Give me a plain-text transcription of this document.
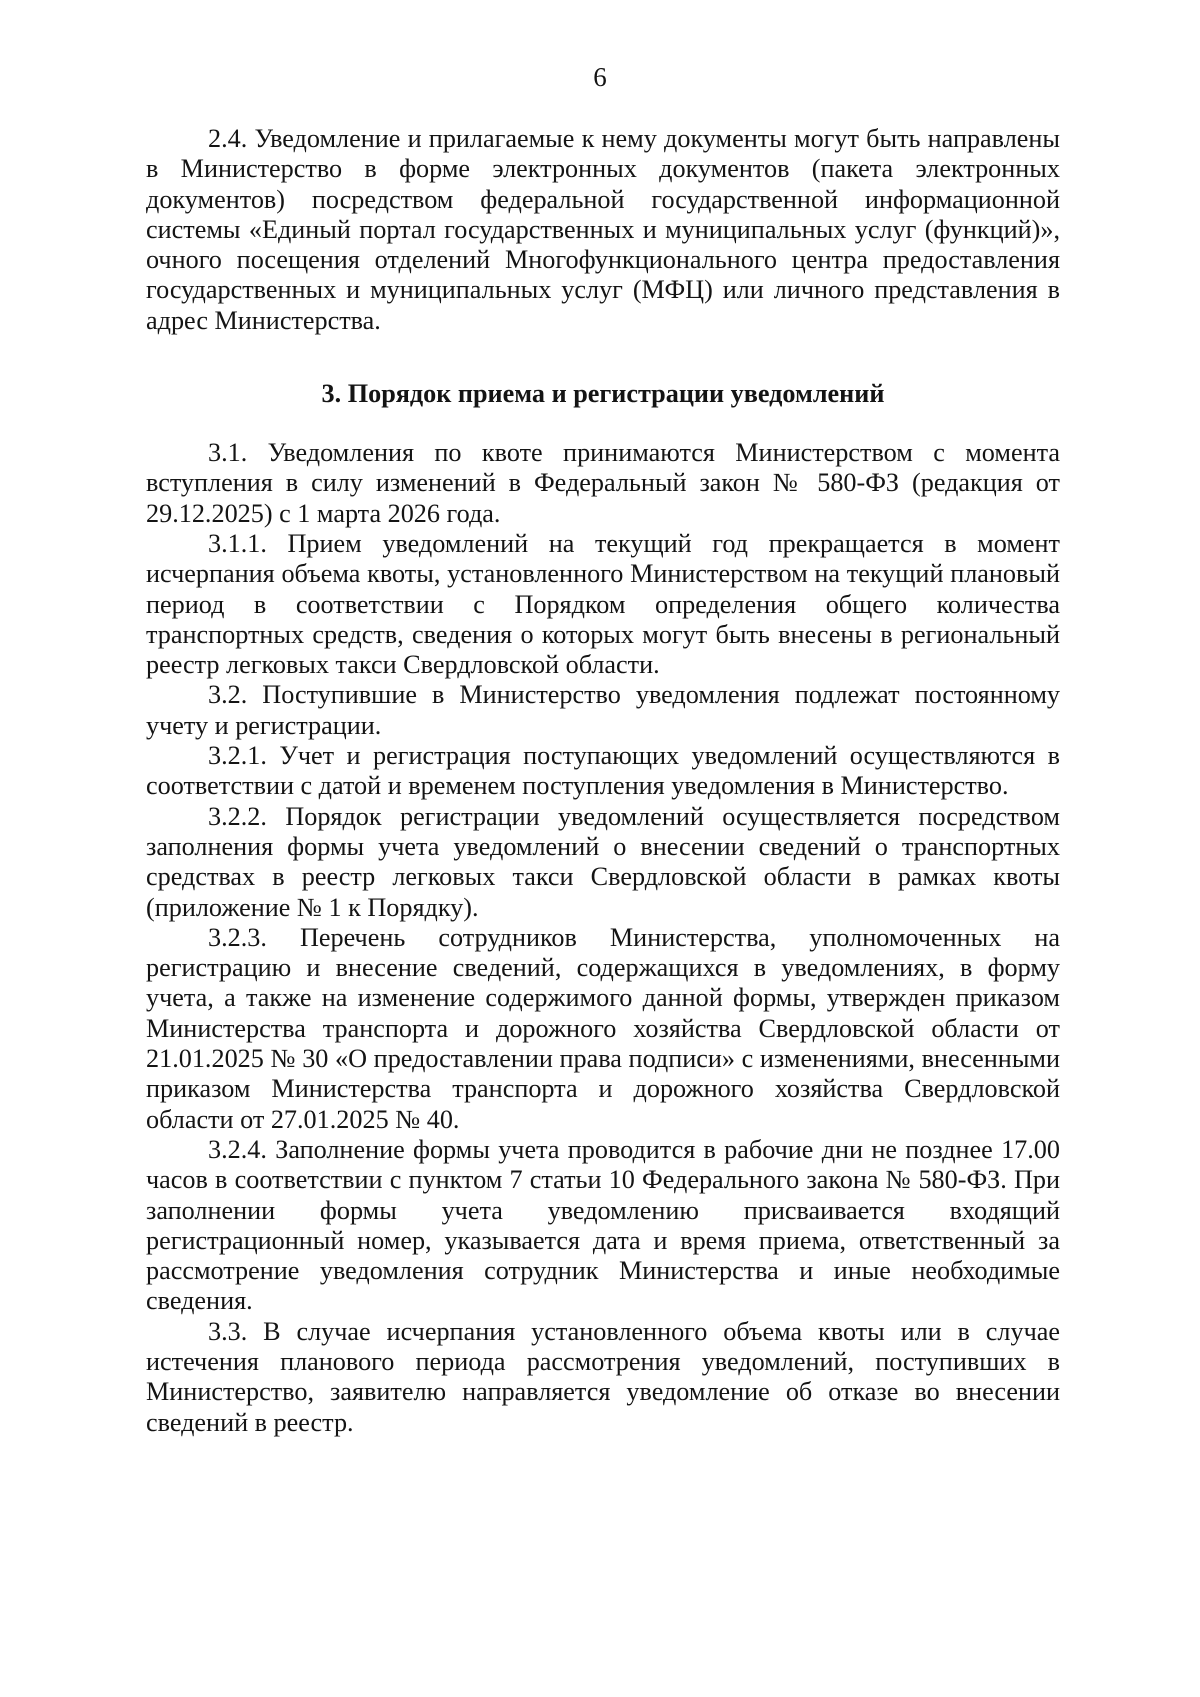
6

2.4. Уведомление и прилагаемые к нему документы могут быть направлены в Министерство в форме электронных документов (пакета электронных документов) посредством федеральной государственной информационной системы «Единый портал государственных и муниципальных услуг (функций)», очного посещения отделений Многофункционального центра предоставления государственных и муниципальных услуг (МФЦ) или личного представления в адрес Министерства.

3. Порядок приема и регистрации уведомлений

3.1. Уведомления по квоте принимаются Министерством с момента вступления в силу изменений в Федеральный закон № 580-ФЗ (редакция от 29.12.2025) с 1 марта 2026 года.

3.1.1. Прием уведомлений на текущий год прекращается в момент исчерпания объема квоты, установленного Министерством на текущий плановый период в соответствии с Порядком определения общего количества транспортных средств, сведения о которых могут быть внесены в региональный реестр легковых такси Свердловской области.

3.2. Поступившие в Министерство уведомления подлежат постоянному учету и регистрации.

3.2.1. Учет и регистрация поступающих уведомлений осуществляются в соответствии с датой и временем поступления уведомления в Министерство.

3.2.2. Порядок регистрации уведомлений осуществляется посредством заполнения формы учета уведомлений о внесении сведений о транспортных средствах в реестр легковых такси Свердловской области в рамках квоты (приложение № 1 к Порядку).

3.2.3. Перечень сотрудников Министерства, уполномоченных на регистрацию и внесение сведений, содержащихся в уведомлениях, в форму учета, а также на изменение содержимого данной формы, утвержден приказом Министерства транспорта и дорожного хозяйства Свердловской области от 21.01.2025 № 30 «О предоставлении права подписи» с изменениями, внесенными приказом Министерства транспорта и дорожного хозяйства Свердловской области от 27.01.2025 № 40.

3.2.4. Заполнение формы учета проводится в рабочие дни не позднее 17.00 часов в соответствии с пунктом 7 статьи 10 Федерального закона № 580-ФЗ. При заполнении формы учета уведомлению присваивается входящий регистрационный номер, указывается дата и время приема, ответственный за рассмотрение уведомления сотрудник Министерства и иные необходимые сведения.

3.3. В случае исчерпания установленного объема квоты или в случае истечения планового периода рассмотрения уведомлений, поступивших в Министерство, заявителю направляется уведомление об отказе во внесении сведений в реестр.
